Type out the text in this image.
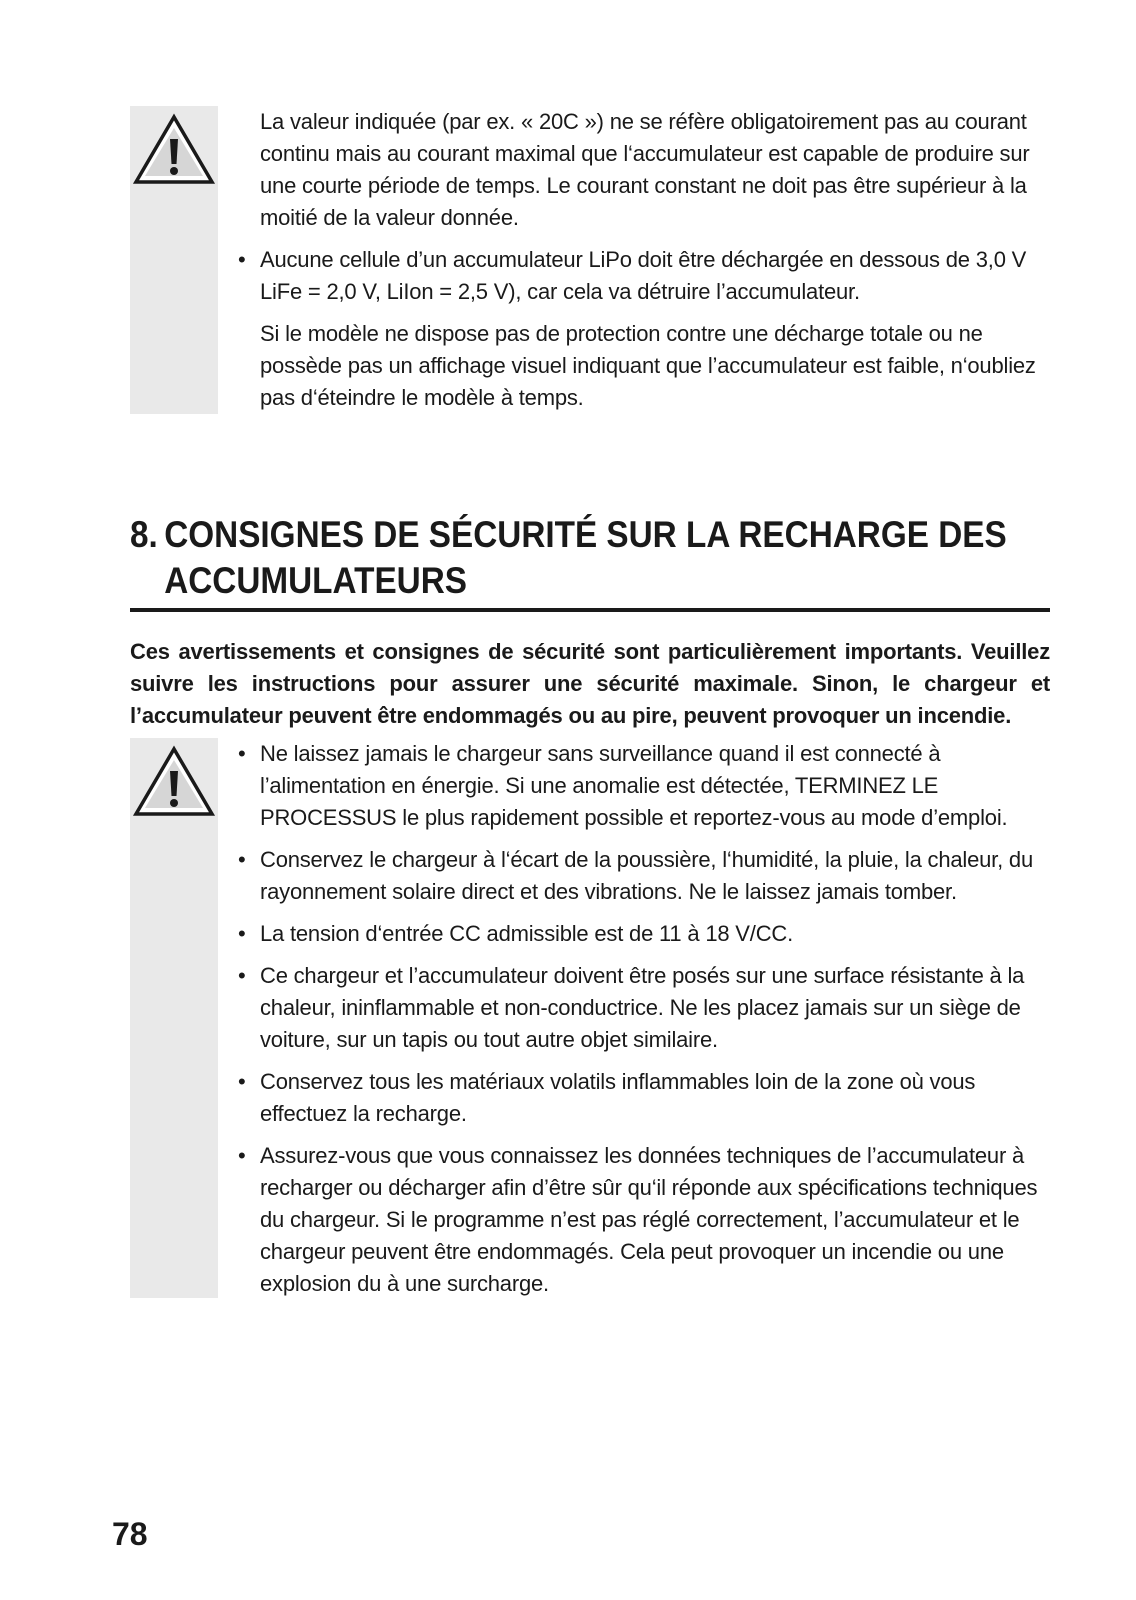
La valeur indiquée (par ex. « 20C ») ne se réfère obligatoirement pas au courant continu mais au courant maximal que l‘accumulateur est capable de produire sur une courte période de temps. Le courant constant ne doit pas être supérieur à la moitié de la valeur donnée.

• Aucune cellule d’un accumulateur LiPo doit être déchargée en dessous de 3,0 V LiFe = 2,0 V, LiIon = 2,5 V), car cela va détruire l’accumulateur.

Si le modèle ne dispose pas de protection contre une décharge totale ou ne possède pas un affichage visuel indiquant que l’accumulateur est faible, n‘oubliez pas d‘éteindre le modèle à temps.

8. CONSIGNES DE SÉCURITÉ SUR LA RECHARGE DES
ACCUMULATEURS

Ces avertissements et consignes de sécurité sont particulièrement importants. Veuillez suivre les instructions pour assurer une sécurité maximale. Sinon, le chargeur et l’accumulateur peuvent être endommagés ou au pire, peuvent provoquer un incendie.

• Ne laissez jamais le chargeur sans surveillance quand il est connecté à l’alimentation en énergie. Si une anomalie est détectée, TERMINEZ LE PROCESSUS le plus rapidement possible et reportez-vous au mode d’emploi.

• Conservez le chargeur à l‘écart de la poussière, l‘humidité, la pluie, la chaleur, du rayonnement solaire direct et des vibrations. Ne le laissez jamais tomber.

• La tension d‘entrée CC admissible est de 11 à 18 V/CC.

• Ce chargeur et l’accumulateur doivent être posés sur une surface résistante à la chaleur, ininflammable et non-conductrice. Ne les placez jamais sur un siège de voiture, sur un tapis ou tout autre objet similaire.

• Conservez tous les matériaux volatils inflammables loin de la zone où vous effectuez la recharge.

• Assurez-vous que vous connaissez les données techniques de l’accumulateur à recharger ou décharger afin d’être sûr qu‘il réponde aux spécifications techniques du chargeur. Si le programme n’est pas réglé correctement, l’accumulateur et le chargeur peuvent être endommagés. Cela peut provoquer un incendie ou une explosion du à une surcharge.

78
